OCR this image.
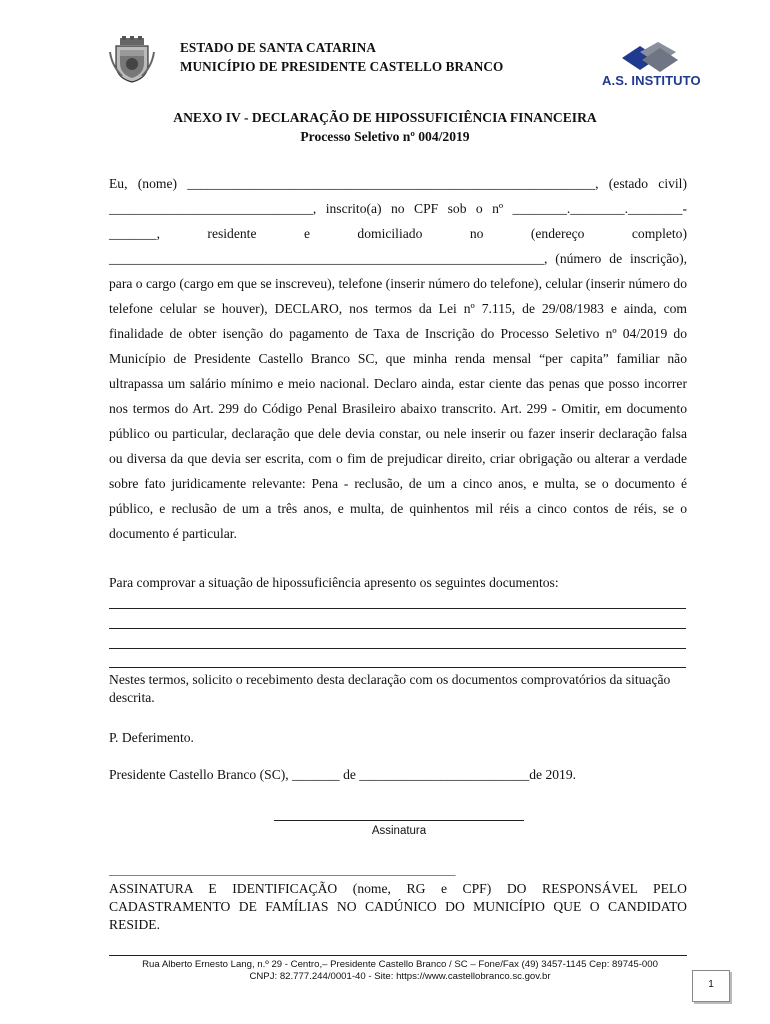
ESTADO DE SANTA CATARINA
MUNICÍPIO DE PRESIDENTE CASTELLO BRANCO
A.S. INSTITUTO
ANEXO IV - DECLARAÇÃO DE HIPOSSUFICIÊNCIA FINANCEIRA
Processo Seletivo nº 004/2019

Eu, (nome) ____________________________________________________________, (estado civil) ______________________________, inscrito(a) no CPF sob o nº ________.________.________-_______, residente e domiciliado no (endereço completo) ________________________________________________________________, (número de inscrição), para o cargo (cargo em que se inscreveu), telefone (inserir número do telefone), celular (inserir número do telefone celular se houver), DECLARO, nos termos da Lei nº 7.115, de 29/08/1983 e ainda, com finalidade de obter isenção do pagamento de Taxa de Inscrição do Processo Seletivo nº 04/2019 do Município de Presidente Castello Branco SC, que minha renda mensal “per capita” familiar não ultrapassa um salário mínimo e meio nacional. Declaro ainda, estar ciente das penas que posso incorrer nos termos do Art. 299 do Código Penal Brasileiro abaixo transcrito. Art. 299 - Omitir, em documento público ou particular, declaração que dele devia constar, ou nele inserir ou fazer inserir declaração falsa ou diversa da que devia ser escrita, com o fim de prejudicar direito, criar obrigação ou alterar a verdade sobre fato juridicamente relevante: Pena - reclusão, de um a cinco anos, e multa, se o documento é público, e reclusão de um a três anos, e multa, de quinhentos mil réis a cinco contos de réis, se o documento é particular.

Para comprovar a situação de hipossuficiência apresento os seguintes documentos:

Nestes termos, solicito o recebimento desta declaração com os documentos comprovatórios da situação descrita.
P. Deferimento.
Presidente Castello Branco (SC), _______ de _________________________de 2019.
Assinatura
_______________________________________________________________

ASSINATURA E IDENTIFICAÇÃO (nome, RG e CPF) DO RESPONSÁVEL PELO CADASTRAMENTO DE FAMÍLIAS NO CADÚNICO DO MUNICÍPIO QUE O CANDIDATO RESIDE.

Rua Alberto Ernesto Lang, n.º 29 - Centro,– Presidente Castello Branco / SC – Fone/Fax (49) 3457-1145 Cep: 89745-000
CNPJ: 82.777.244/0001-40 - Site: https://www.castellobranco.sc.gov.br
1
